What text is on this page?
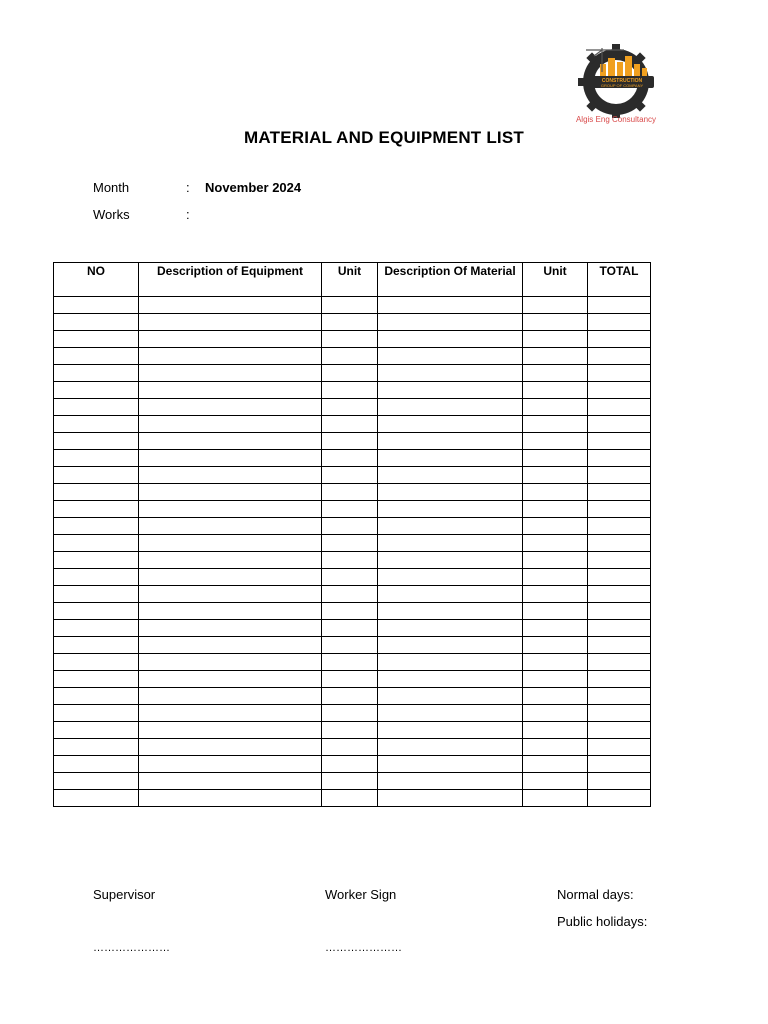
CONSTRUCTION
GROUP OF COMPANY
Algis Eng Consultancy
MATERIAL AND EQUIPMENT LIST
Month	: November 2024
Works	:
NO	Description of Equipment	Unit	Description Of Material	Unit	TOTAL

Supervisor	Worker Sign	Normal days:
Public holidays:
…………………	…………………
